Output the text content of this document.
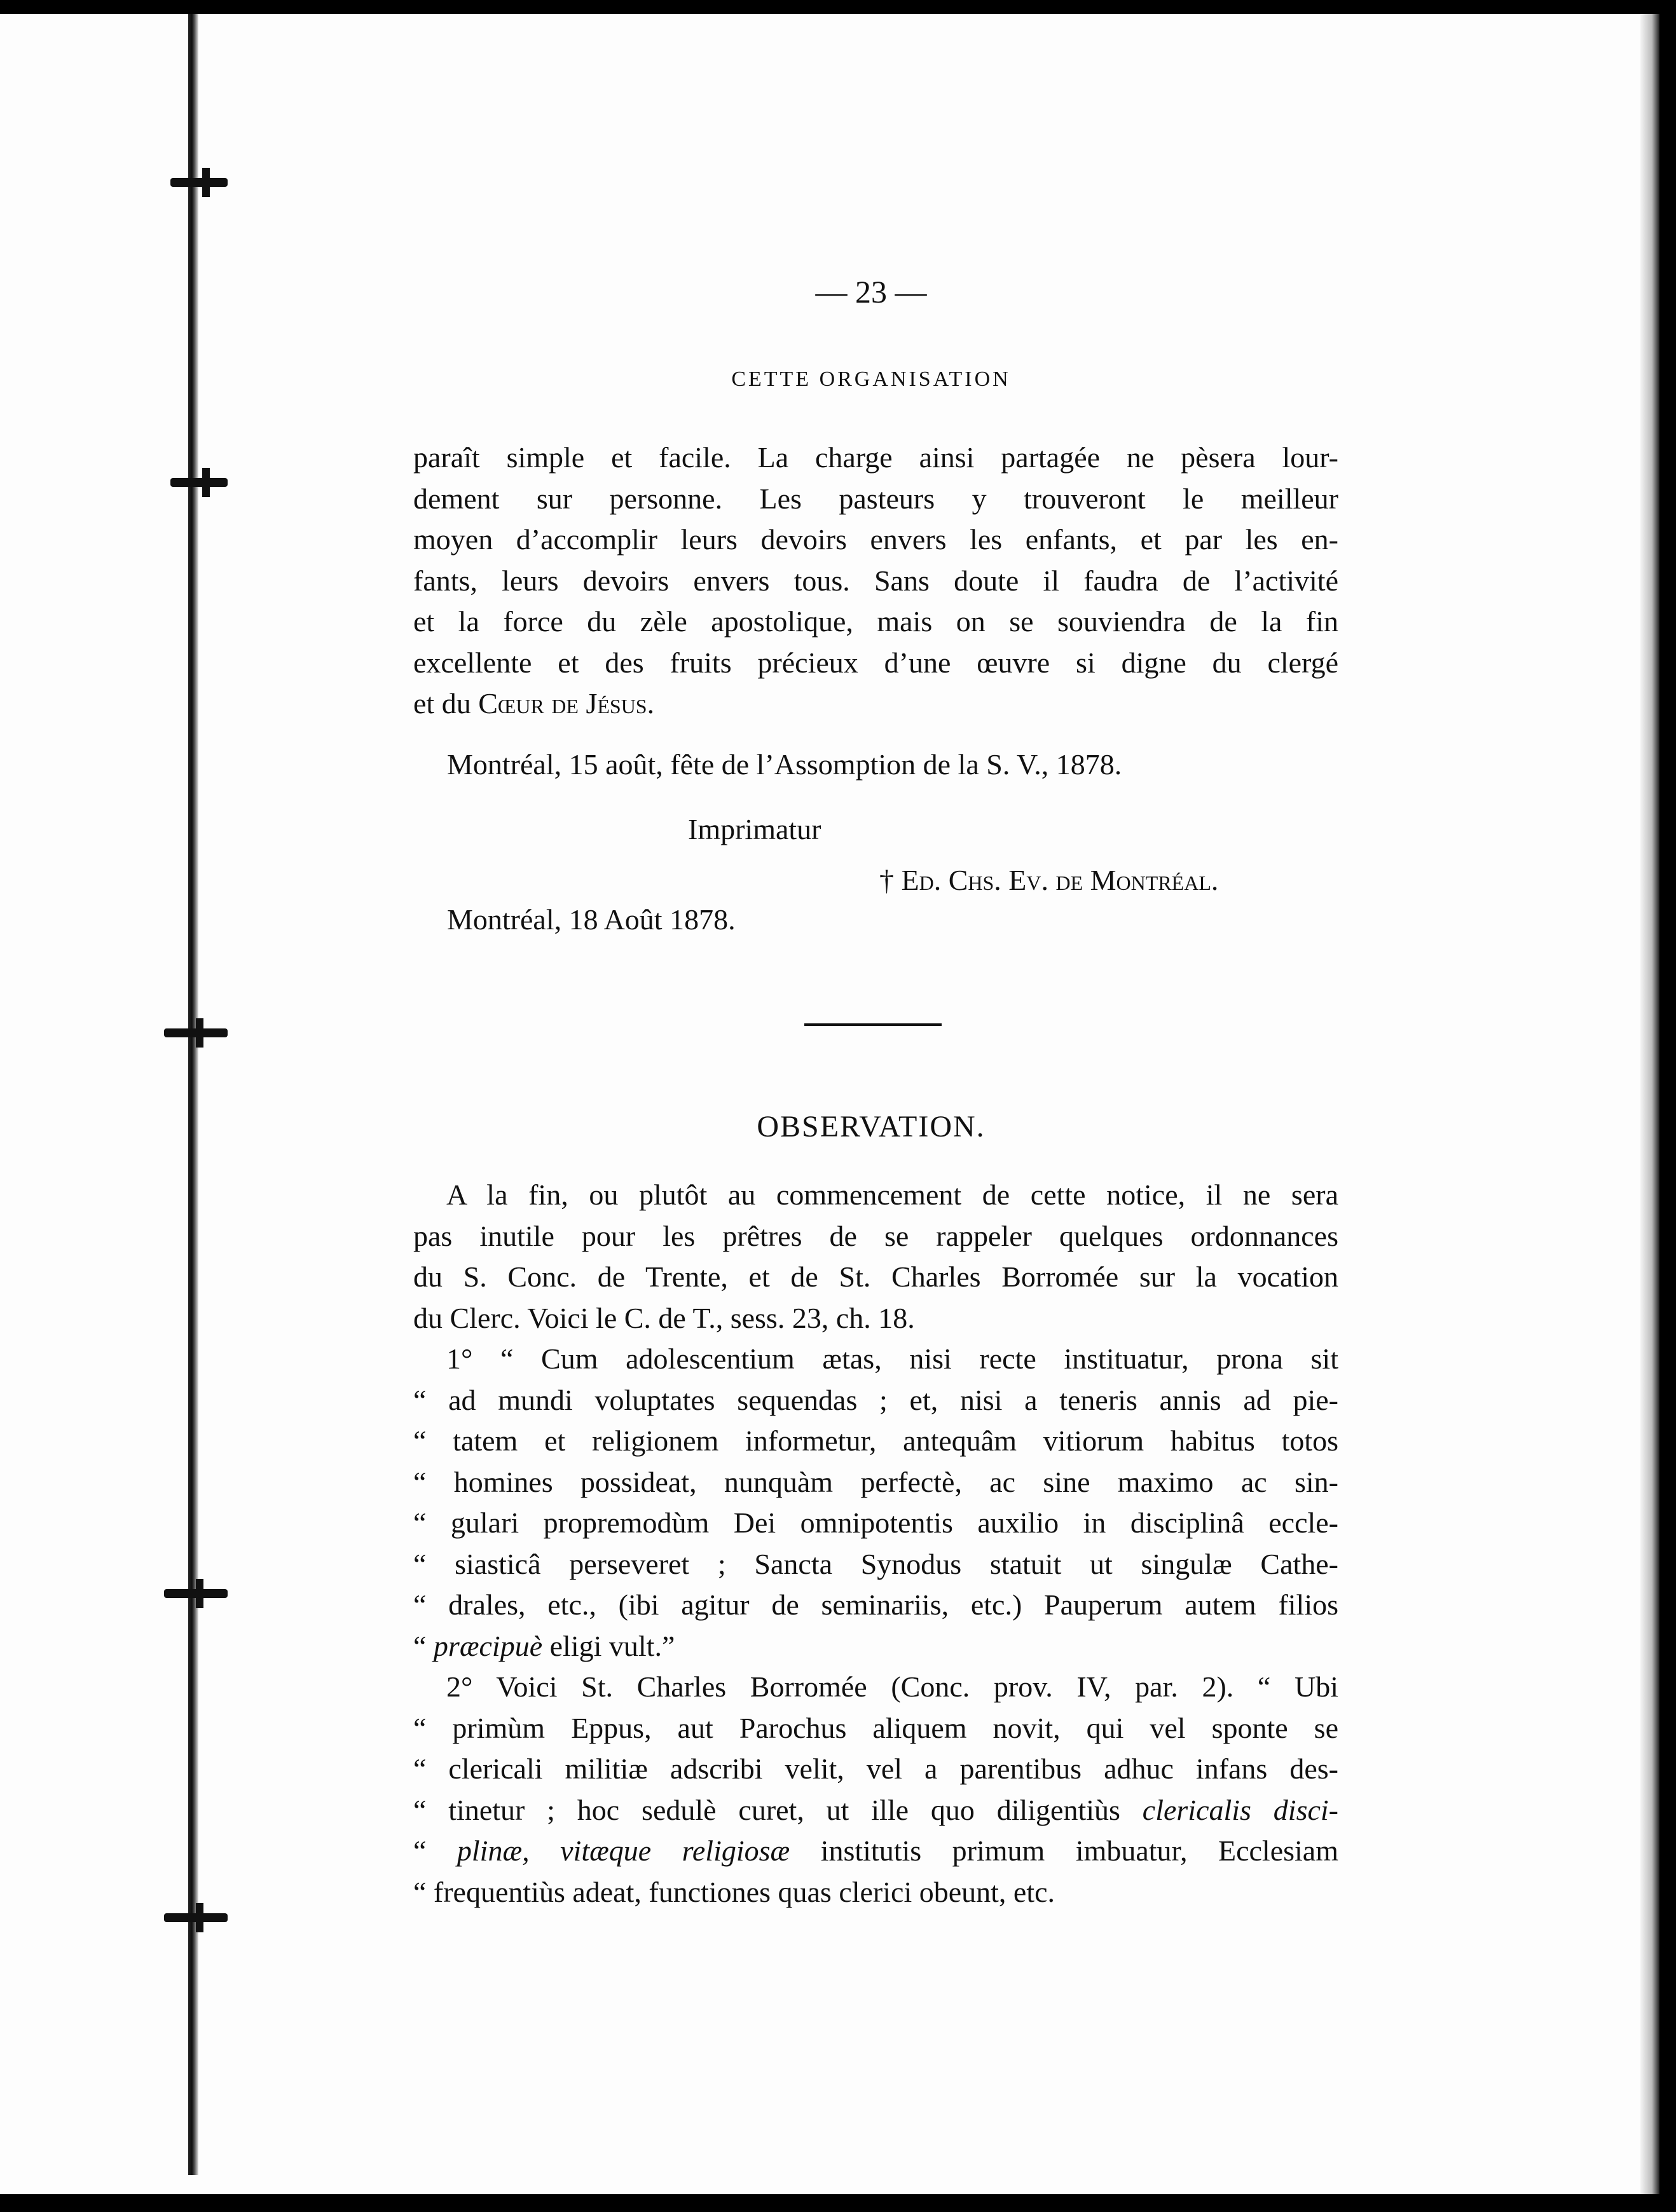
— 23 —
CETTE ORGANISATION
paraît simple et facile. La charge ainsi partagée ne pèsera lour-
dement sur personne. Les pasteurs y trouveront le meilleur
moyen d’accomplir leurs devoirs envers les enfants, et par les en-
fants, leurs devoirs envers tous. Sans doute il faudra de l’activité
et la force du zèle apostolique, mais on se souviendra de la fin
excellente et des fruits précieux d’une œuvre si digne du clergé
et du Cœur de Jésus.
Montréal, 15 août, fête de l’Assomption de la S. V., 1878.
Imprimatur
† Ed. Chs. Ev. de Montréal.
Montréal, 18 Août 1878.
OBSERVATION.
A la fin, ou plutôt au commencement de cette notice, il ne sera
pas inutile pour les prêtres de se rappeler quelques ordonnances
du S. Conc. de Trente, et de St. Charles Borromée sur la vocation
du Clerc. Voici le C. de T., sess. 23, ch. 18.
1° “ Cum adolescentium ætas, nisi recte instituatur, prona sit
“ ad mundi voluptates sequendas ; et, nisi a teneris annis ad pie-
“ tatem et religionem informetur, antequâm vitiorum habitus totos
“ homines possideat, nunquàm perfectè, ac sine maximo ac sin-
“ gulari propremodùm Dei omnipotentis auxilio in disciplinâ eccle-
“ siasticâ perseveret ; Sancta Synodus statuit ut singulæ Cathe-
“ drales, etc., (ibi agitur de seminariis, etc.) Pauperum autem filios
“ præcipuè eligi vult.”
2° Voici St. Charles Borromée (Conc. prov. IV, par. 2). “ Ubi
“ primùm Eppus, aut Parochus aliquem novit, qui vel sponte se
“ clericali militiæ adscribi velit, vel a parentibus adhuc infans des-
“ tinetur ; hoc sedulè curet, ut ille quo diligentiùs clericalis disci-
“ plinæ, vitæque religiosæ institutis primum imbuatur, Ecclesiam
“ frequentiùs adeat, functiones quas clerici obeunt, etc.
